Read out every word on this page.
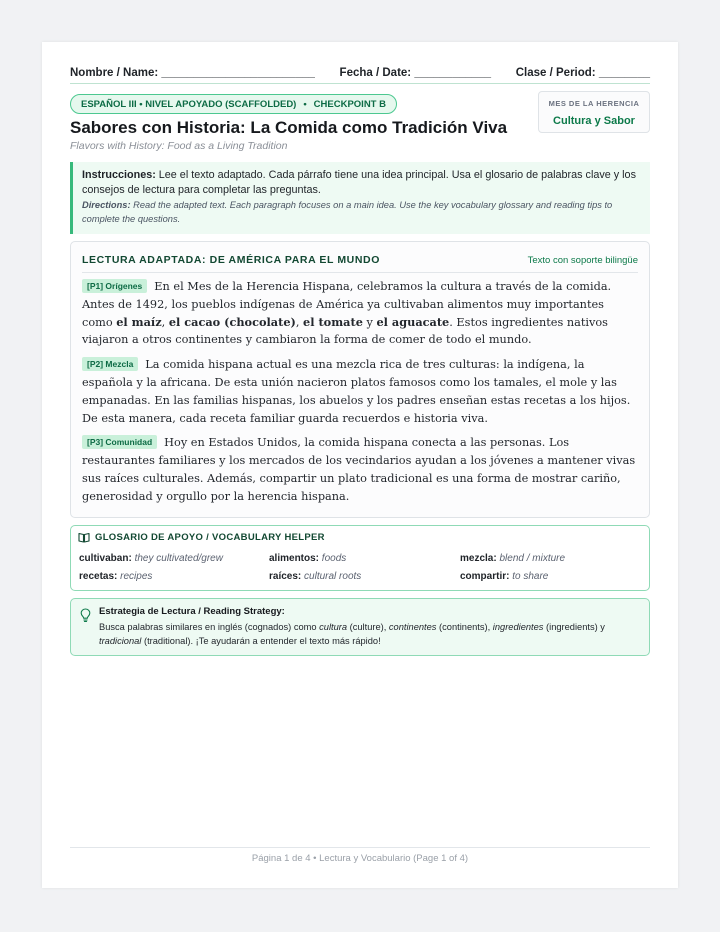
Nombre / Name: ________________________ Fecha / Date: ____________ Clase / Period: ________
ESPAÑOL III • NIVEL APOYADO (SCAFFOLDED) • CHECKPOINT B	MES DE LA HERENCIA
Cultura y Sabor
Sabores con Historia: La Comida como Tradición Viva
Flavors with History: Food as a Living Tradition
Instrucciones: Lee el texto adaptado. Cada párrafo tiene una idea principal. Usa el glosario de palabras clave y los consejos de lectura para completar las preguntas.
Directions: Read the adapted text. Each paragraph focuses on a main idea. Use the key vocabulary glossary and reading tips to complete the questions.
LECTURA ADAPTADA: DE AMÉRICA PARA EL MUNDO	Texto con soporte bilingüe

[P1] Orígenes En el Mes de la Herencia Hispana, celebramos la cultura a través de la comida. Antes de 1492, los pueblos indígenas de América ya cultivaban alimentos muy importantes como el maíz, el cacao (chocolate), el tomate y el aguacate. Estos ingredientes nativos viajaron a otros continentes y cambiaron la forma de comer de todo el mundo.

[P2] Mezcla La comida hispana actual es una mezcla rica de tres culturas: la indígena, la española y la africana. De esta unión nacieron platos famosos como los tamales, el mole y las empanadas. En las familias hispanas, los abuelos y los padres enseñan estas recetas a los hijos. De esta manera, cada receta familiar guarda recuerdos e historia viva.

[P3] Comunidad Hoy en Estados Unidos, la comida hispana conecta a las personas. Los restaurantes familiares y los mercados de los vecindarios ayudan a los jóvenes a mantener vivas sus raíces culturales. Además, compartir un plato tradicional es una forma de mostrar cariño, generosidad y orgullo por la herencia hispana.

GLOSARIO DE APOYO / VOCABULARY HELPER
cultivaban: they cultivated/grew	alimentos: foods	mezcla: blend / mixture
recetas: recipes	raíces: cultural roots	compartir: to share
Estrategia de Lectura / Reading Strategy:
Busca palabras similares en inglés (cognados) como cultura (culture), continentes (continents), ingredientes (ingredients) y tradicional (traditional). ¡Te ayudarán a entender el texto más rápido!
Página 1 de 4 • Lectura y Vocabulario (Page 1 of 4)
